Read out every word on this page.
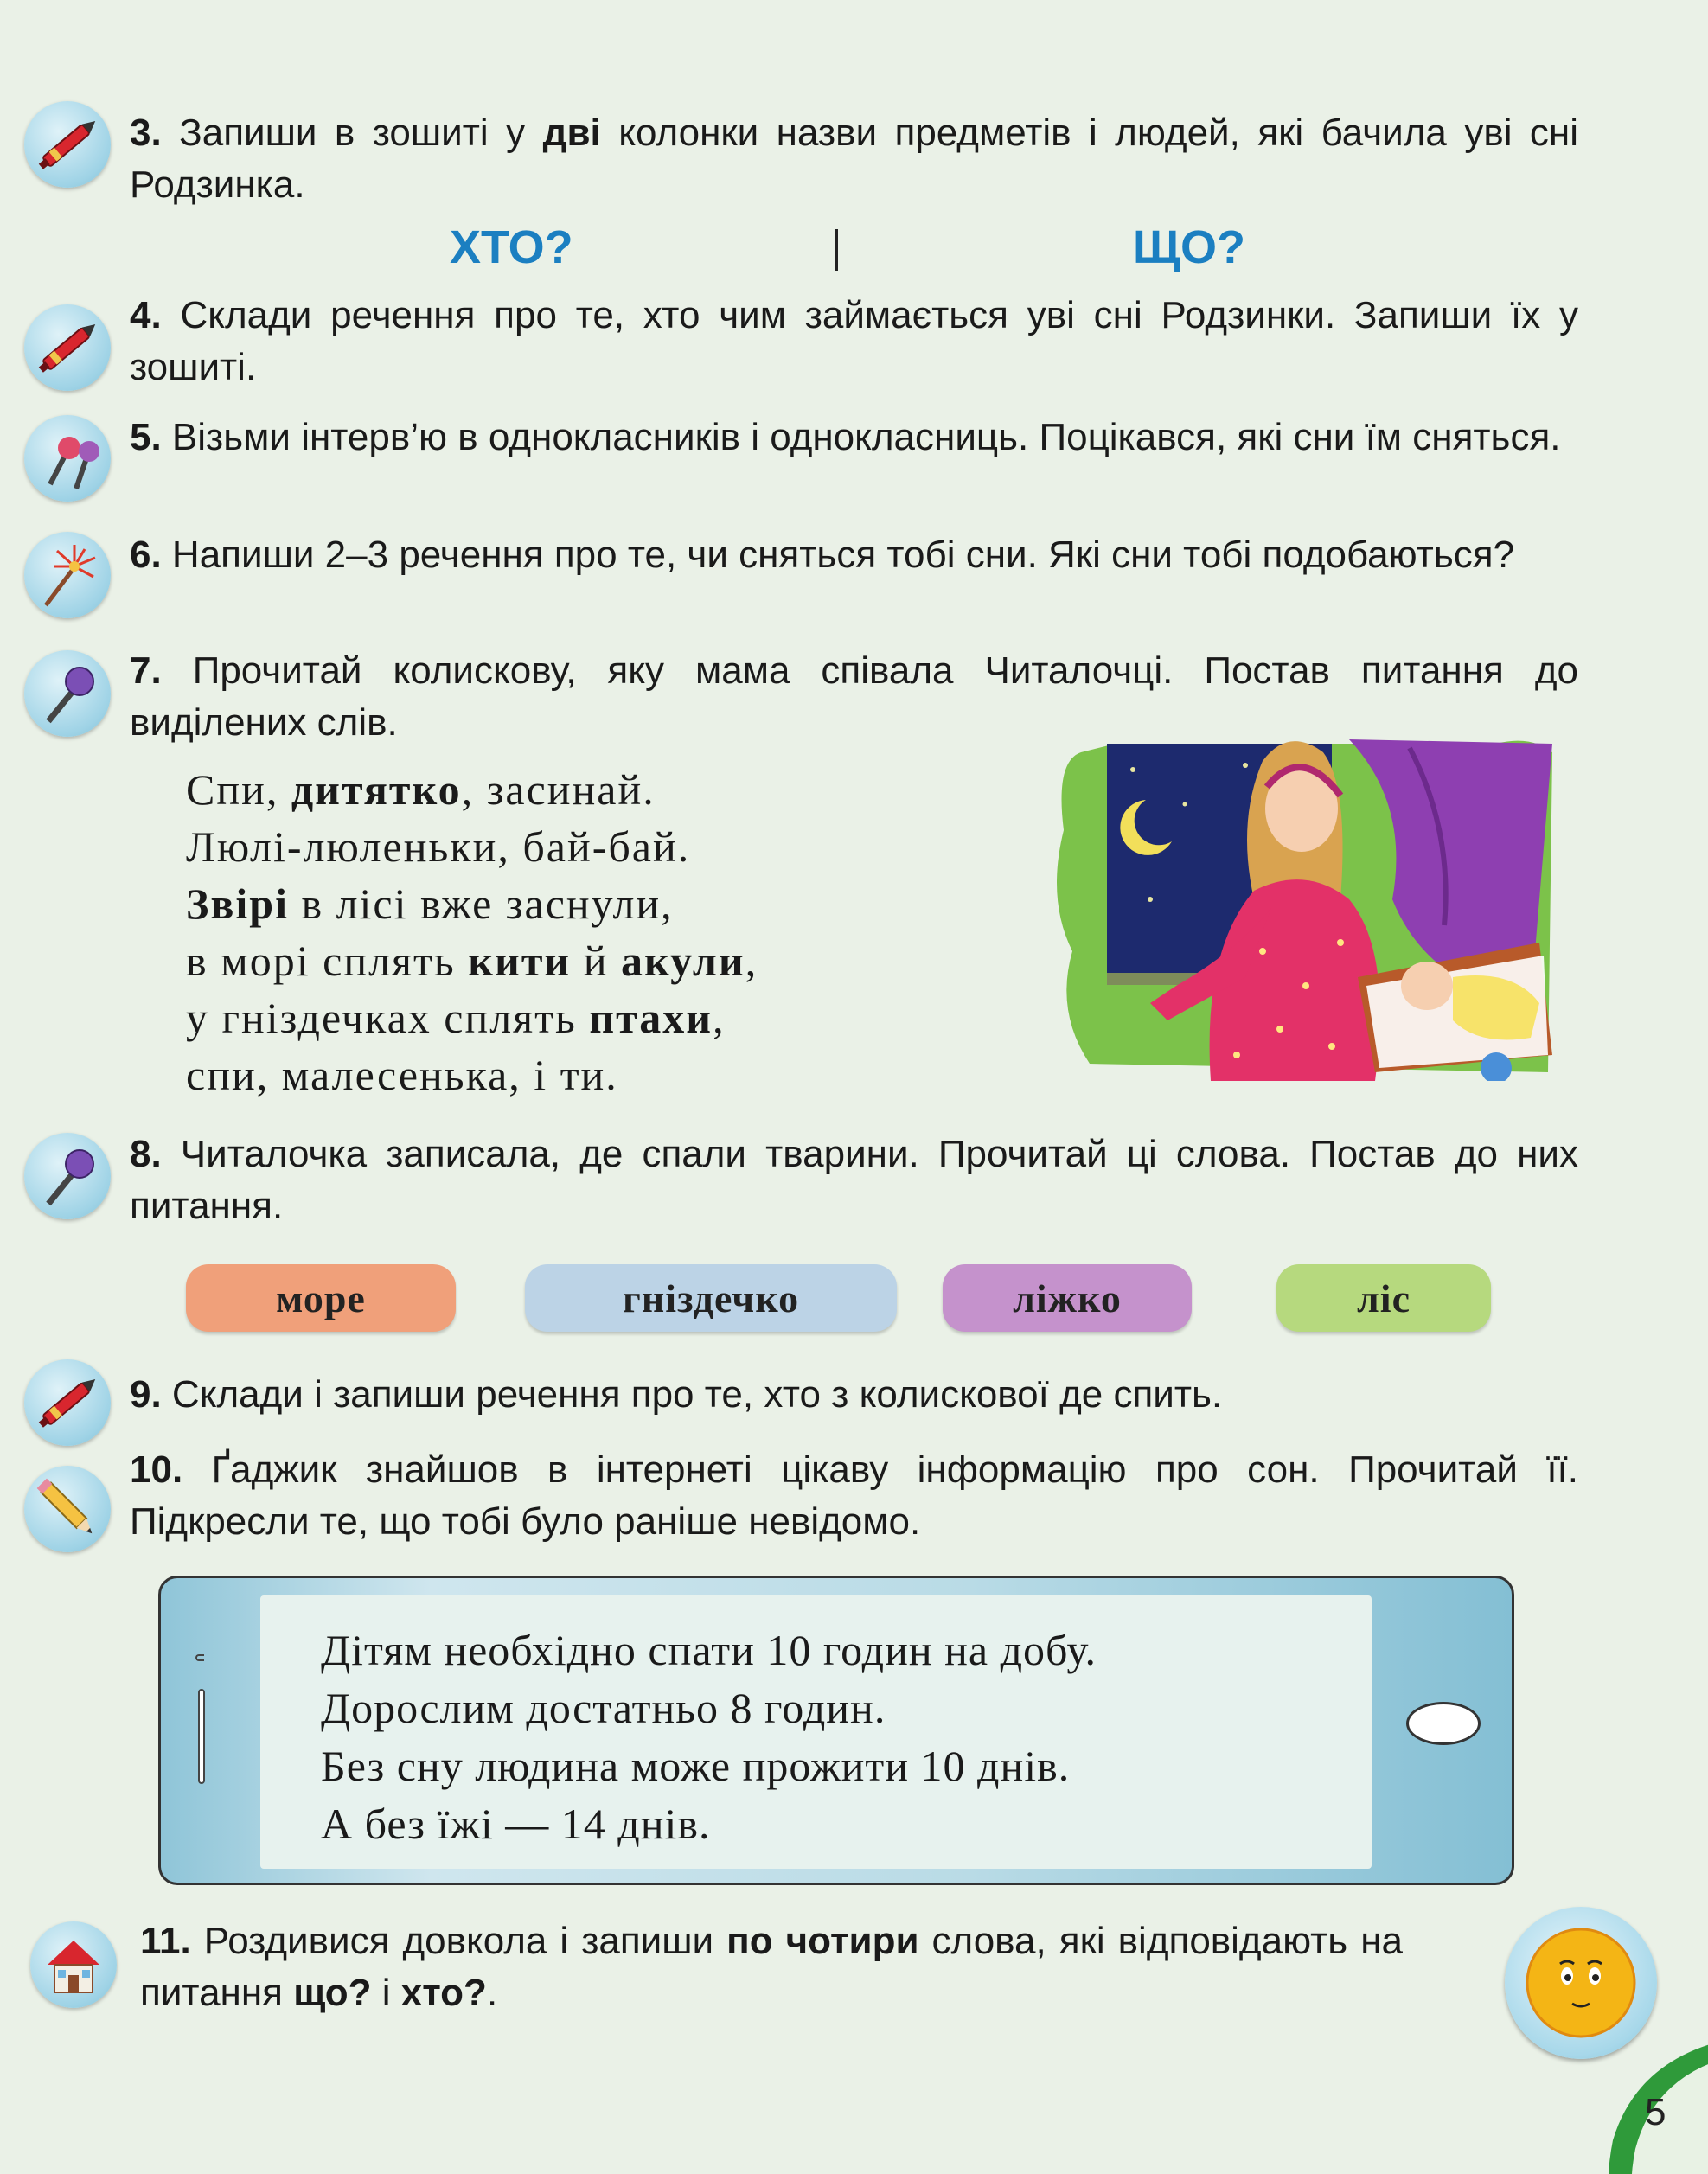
3. Запиши в зошиті у дві колонки назви предметів і людей, які бачила уві сні Родзинка.
ХТО?	ЩО?
4. Склади речення про те, хто чим займається уві сні Родзинки. Запиши їх у зошиті.
5. Візьми інтерв’ю в однокласників і однокласниць. Поцікався, які сни їм сняться.
6. Напиши 2–3 речення про те, чи сняться тобі сни. Які сни тобі подобаються?
7. Прочитай колискову, яку мама співала Читалочці. Постав питання до виділених слів.
Спи, дитятко, засинай.
Люлі-люленьки, бай-бай.
Звірі в лісі вже заснули,
в морі сплять кити й акули,
у гніздечках сплять птахи,
спи, малесенька, і ти.
8. Читалочка записала, де спали тварини. Прочитай ці слова. Постав до них питання.
море	гніздечко	ліжко	ліс
9. Склади і запиши речення про те, хто з колискової де спить.
10. Ґаджик знайшов в інтернеті цікаву інформацію про сон. Прочитай її. Підкресли те, що тобі було раніше невідомо.
Дітям необхідно спати 10 годин на добу.
Дорослим достатньо 8 годин.
Без сну людина може прожити 10 днів.
А без їжі — 14 днів.
11. Роздивися довкола і запиши по чотири слова, які відповідають на питання що? і хто?.
5
